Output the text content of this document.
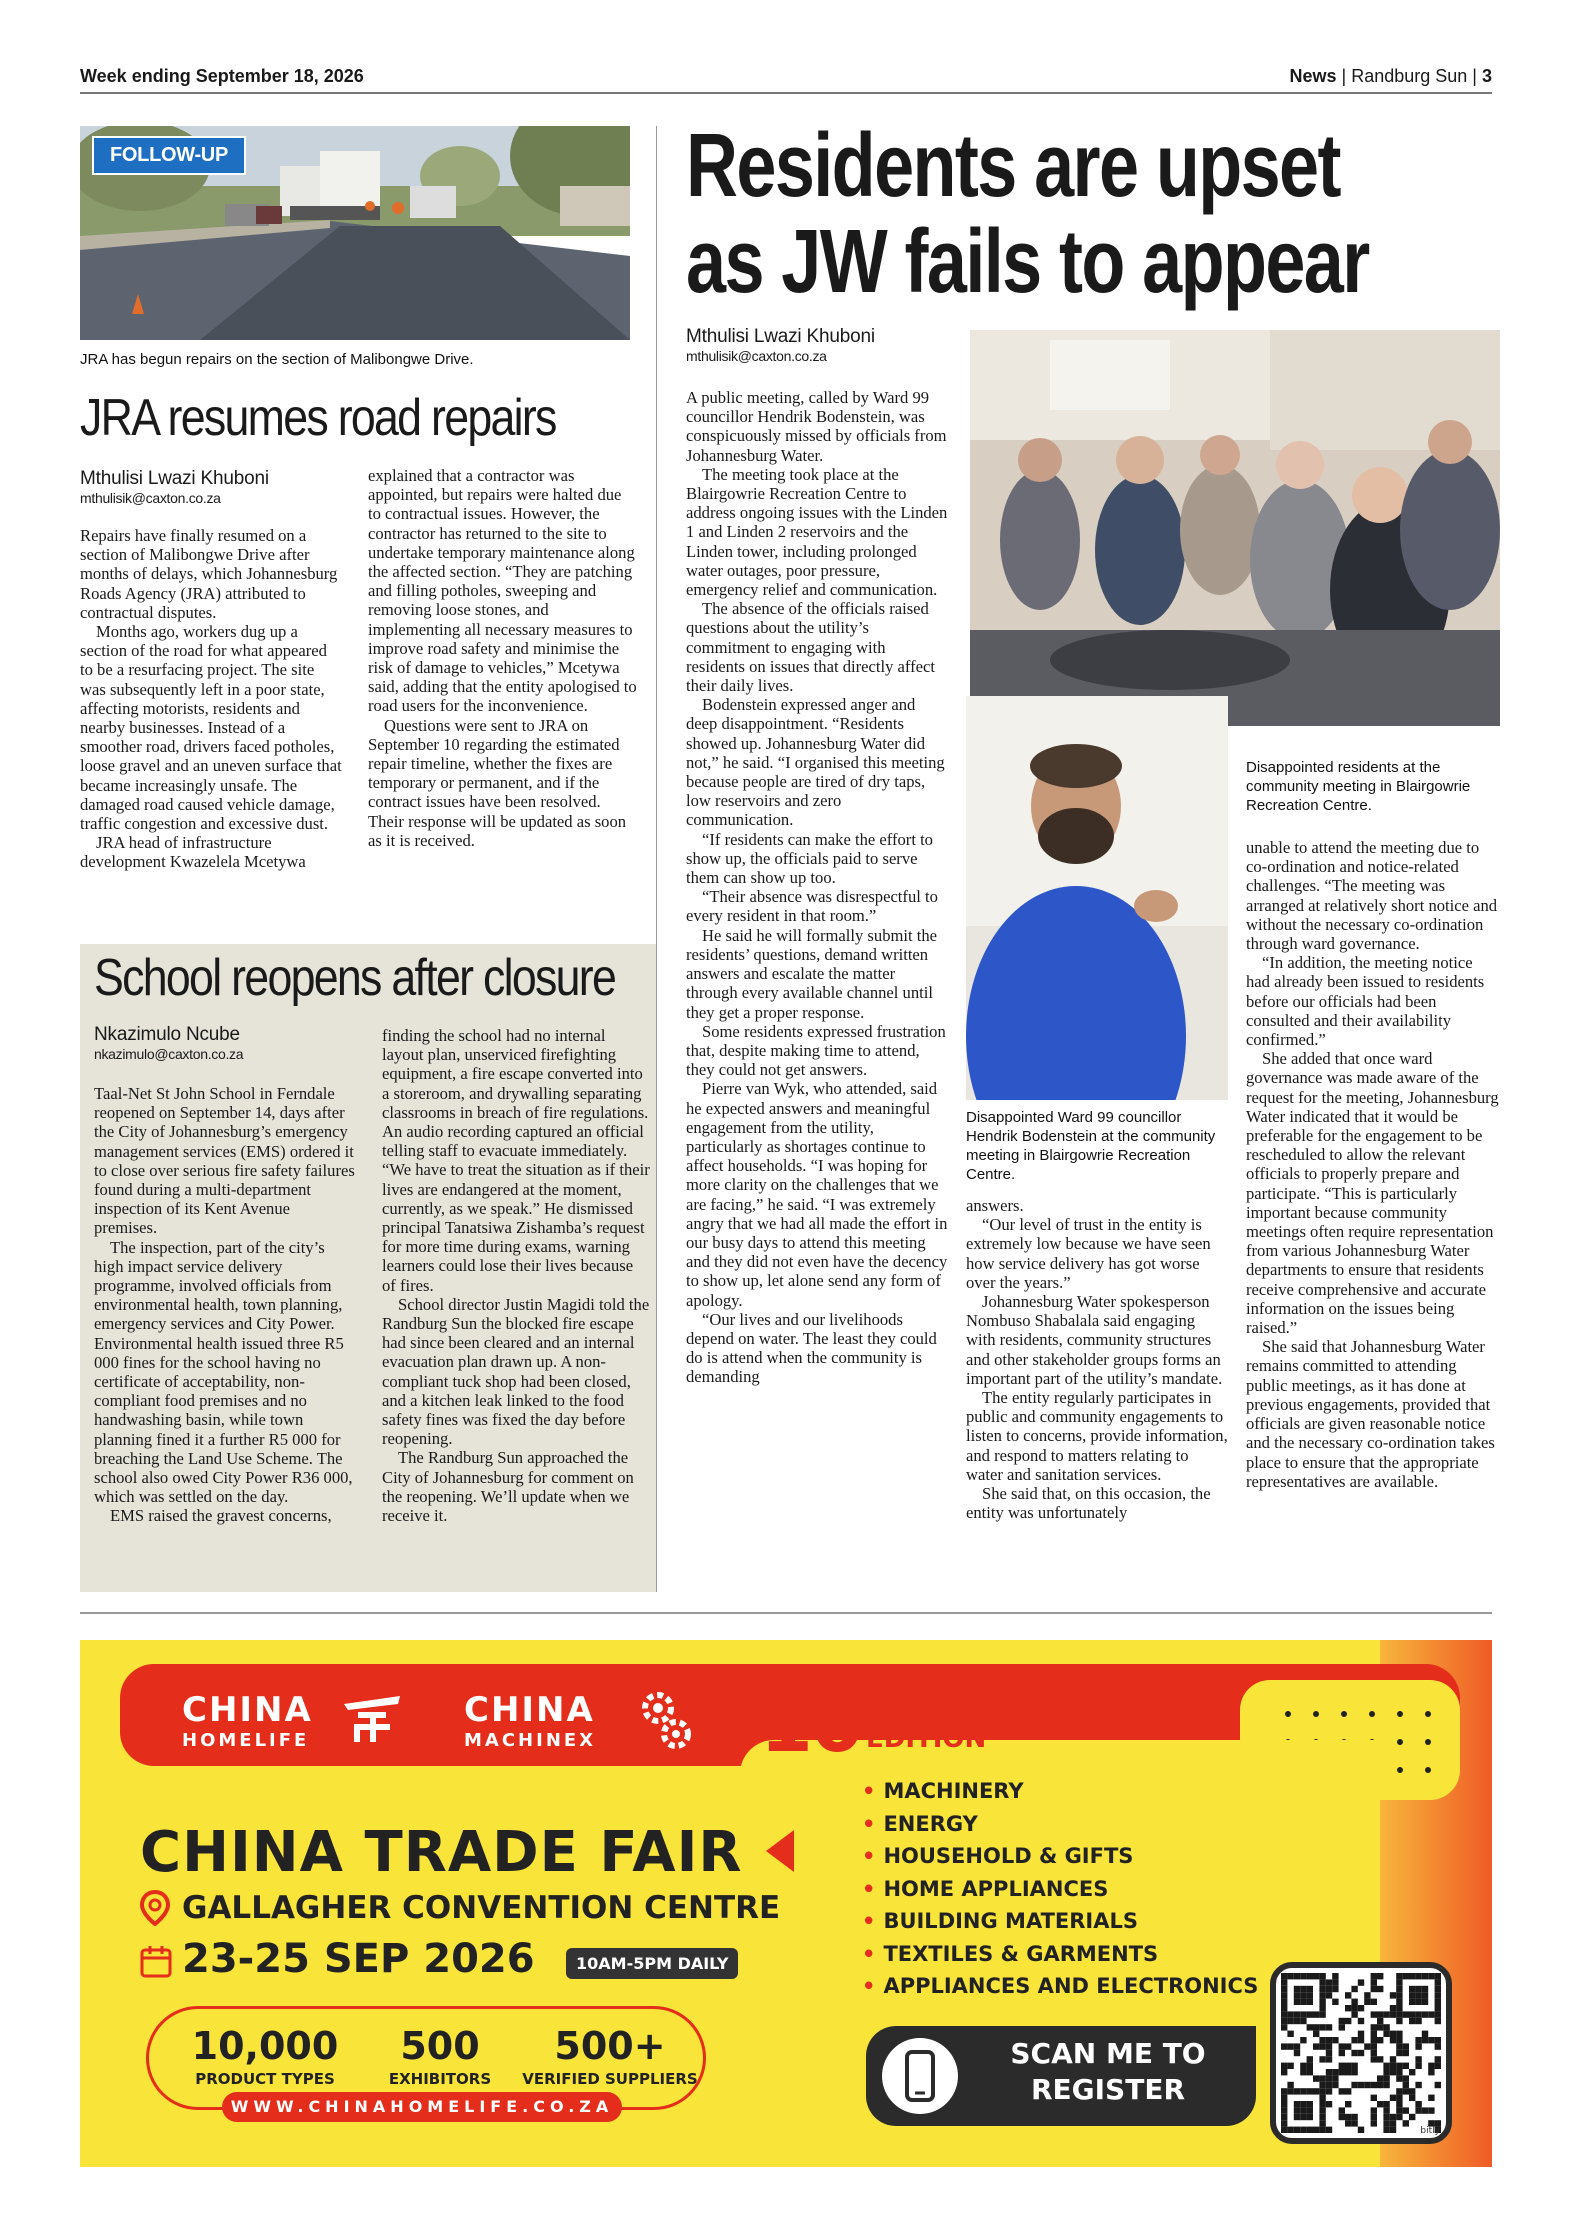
Week ending September 18, 2026	News | Randburg Sun | 3
FOLLOW-UP
JRA has begun repairs on the section of Malibongwe Drive.
JRA resumes road repairs
Mthulisi Lwazi Khuboni
mthulisik@caxton.co.za

Repairs have finally resumed on a section of Malibongwe Drive after months of delays, which Johannesburg Roads Agency (JRA) attributed to contractual disputes.

Months ago, workers dug up a section of the road for what appeared to be a resurfacing project. The site was subsequently left in a poor state, affecting motorists, residents and nearby businesses. Instead of a smoother road, drivers faced potholes, loose gravel and an uneven surface that became increasingly unsafe. The damaged road caused vehicle damage, traffic congestion and excessive dust.

JRA head of infrastructure development Kwazelela Mcetywa

explained that a contractor was appointed, but repairs were halted due to contractual issues. However, the contractor has returned to the site to undertake temporary maintenance along the affected section. “They are patching and filling potholes, sweeping and removing loose stones, and implementing all necessary measures to improve road safety and minimise the risk of damage to vehicles,” Mcetywa said, adding that the entity apologised to road users for the inconvenience.

Questions were sent to JRA on September 10 regarding the estimated repair timeline, whether the fixes are temporary or permanent, and if the contract issues have been resolved. Their response will be updated as soon as it is received.

School reopens after closure
Nkazimulo Ncube
nkazimulo@caxton.co.za

Taal-Net St John School in Ferndale reopened on September 14, days after the City of Johannesburg’s emergency management services (EMS) ordered it to close over serious fire safety failures found during a multi-department inspection of its Kent Avenue premises.

The inspection, part of the city’s high impact service delivery programme, involved officials from environmental health, town planning, emergency services and City Power. Environmental health issued three R5 000 fines for the school having no certificate of acceptability, non-compliant food premises and no handwashing basin, while town planning fined it a further R5 000 for breaching the Land Use Scheme. The school also owed City Power R36 000, which was settled on the day.

EMS raised the gravest concerns,

finding the school had no internal layout plan, unserviced firefighting equipment, a fire escape converted into a storeroom, and drywalling separating classrooms in breach of fire regulations. An audio recording captured an official telling staff to evacuate immediately. “We have to treat the situation as if their lives are endangered at the moment, currently, as we speak.” He dismissed principal Tanatsiwa Zishamba’s request for more time during exams, warning learners could lose their lives because of fires.

School director Justin Magidi told the Randburg Sun the blocked fire escape had since been cleared and an internal evacuation plan drawn up. A non-compliant tuck shop had been closed, and a kitchen leak linked to the food safety fines was fixed the day before reopening.

The Randburg Sun approached the City of Johannesburg for comment on the reopening. We’ll update when we receive it.

Residents are upset
as JW fails to appear
Mthulisi Lwazi Khuboni
mthulisik@caxton.co.za
Disappointed residents at the community meeting in Blairgowrie Recreation Centre.
Disappointed Ward 99 councillor Hendrik Bodenstein at the community meeting in Blairgowrie Recreation Centre.

A public meeting, called by Ward 99 councillor Hendrik Bodenstein, was conspicuously missed by officials from Johannesburg Water.

The meeting took place at the Blairgowrie Recreation Centre to address ongoing issues with the Linden 1 and Linden 2 reservoirs and the Linden tower, including prolonged water outages, poor pressure, emergency relief and communication.

The absence of the officials raised questions about the utility’s commitment to engaging with residents on issues that directly affect their daily lives.

Bodenstein expressed anger and deep disappointment. “Residents showed up. Johannesburg Water did not,” he said. “I organised this meeting because people are tired of dry taps, low reservoirs and zero communication.

“If residents can make the effort to show up, the officials paid to serve them can show up too.

“Their absence was disrespectful to every resident in that room.”

He said he will formally submit the residents’ questions, demand written answers and escalate the matter through every available channel until they get a proper response.

Some residents expressed frustration that, despite making time to attend, they could not get answers.

Pierre van Wyk, who attended, said he expected answers and meaningful engagement from the utility, particularly as shortages continue to affect households. “I was hoping for more clarity on the challenges that we are facing,” he said. “I was extremely angry that we had all made the effort in our busy days to attend this meeting and they did not even have the decency to show up, let alone send any form of apology.

“Our lives and our livelihoods depend on water. The least they could do is attend when the community is demanding

answers.

“Our level of trust in the entity is extremely low because we have seen how service delivery has got worse over the years.”

Johannesburg Water spokesperson Nombuso Shabalala said engaging with residents, community structures and other stakeholder groups forms an important part of the utility’s mandate.

The entity regularly participates in public and community engagements to listen to concerns, provide information, and respond to matters relating to water and sanitation services.

She said that, on this occasion, the entity was unfortunately

unable to attend the meeting due to co-ordination and notice-related challenges. “The meeting was arranged at relatively short notice and without the necessary co-ordination through ward governance.

“In addition, the meeting notice had already been issued to residents before our officials had been consulted and their availability confirmed.”

She added that once ward governance was made aware of the request for the meeting, Johannesburg Water indicated that it would be preferable for the engagement to be rescheduled to allow the relevant officials to properly prepare and participate. “This is particularly important because community meetings often require representation from various Johannesburg Water departments to ensure that residents receive comprehensive and accurate information on the issues being raised.”

She said that Johannesburg Water remains committed to attending public meetings, as it has done at previous engagements, provided that officials are given reasonable notice and the necessary co-ordination takes place to ensure that the appropriate representatives are available.

CHINA
HOMELIFE
CHINA
MACHINEX 10 th
EDITION
CHINA TRADE FAIR
GALLAGHER CONVENTION CENTRE
23-25 SEP 2026	10AM-5PM DAILY
• MACHINERY
• ENERGY
• HOUSEHOLD & GIFTS
• HOME APPLIANCES
• BUILDING MATERIALS
• TEXTILES & GARMENTS
• APPLIANCES AND ELECTRONICS
10,000
PRODUCT TYPES
500
EXHIBITORS
500+
VERIFIED SUPPLIERS
WWW.CHINAHOMELIFE.CO.ZA
SCAN ME TO
REGISTER
bitly
